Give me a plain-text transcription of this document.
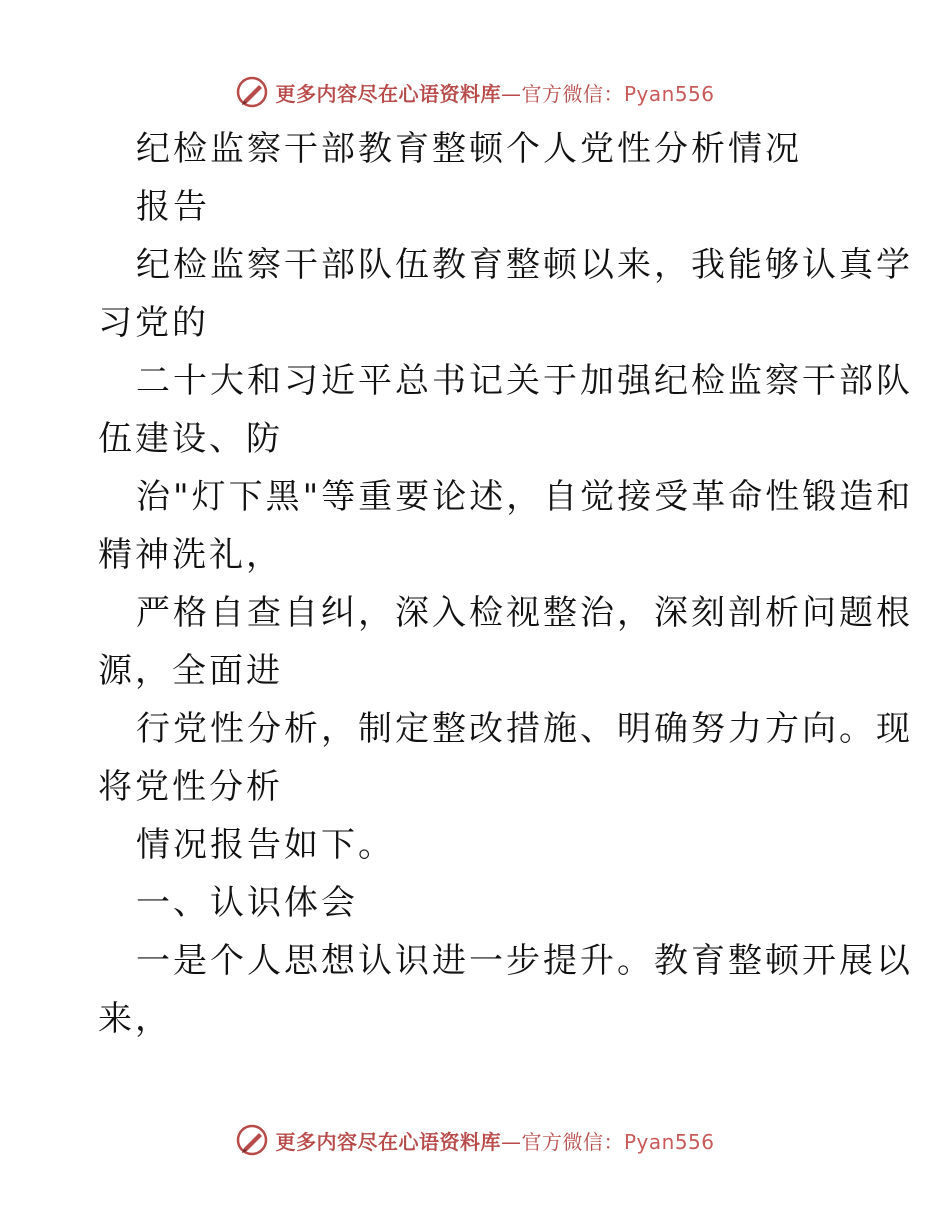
更多内容尽在心语资料库—官方微信：Pyan556
纪检监察干部教育整顿个人党性分析情况
报告
纪检监察干部队伍教育整顿以来，我能够认真学
习党的
二十大和习近平总书记关于加强纪检监察干部队
伍建设、防
治"灯下黑"等重要论述，自觉接受革命性锻造和
精神洗礼，
严格自查自纠，深入检视整治，深刻剖析问题根
源，全面进
行党性分析，制定整改措施、明确努力方向。现
将党性分析
情况报告如下。
一、认识体会
一是个人思想认识进一步提升。教育整顿开展以
来，
更多内容尽在心语资料库—官方微信：Pyan556
